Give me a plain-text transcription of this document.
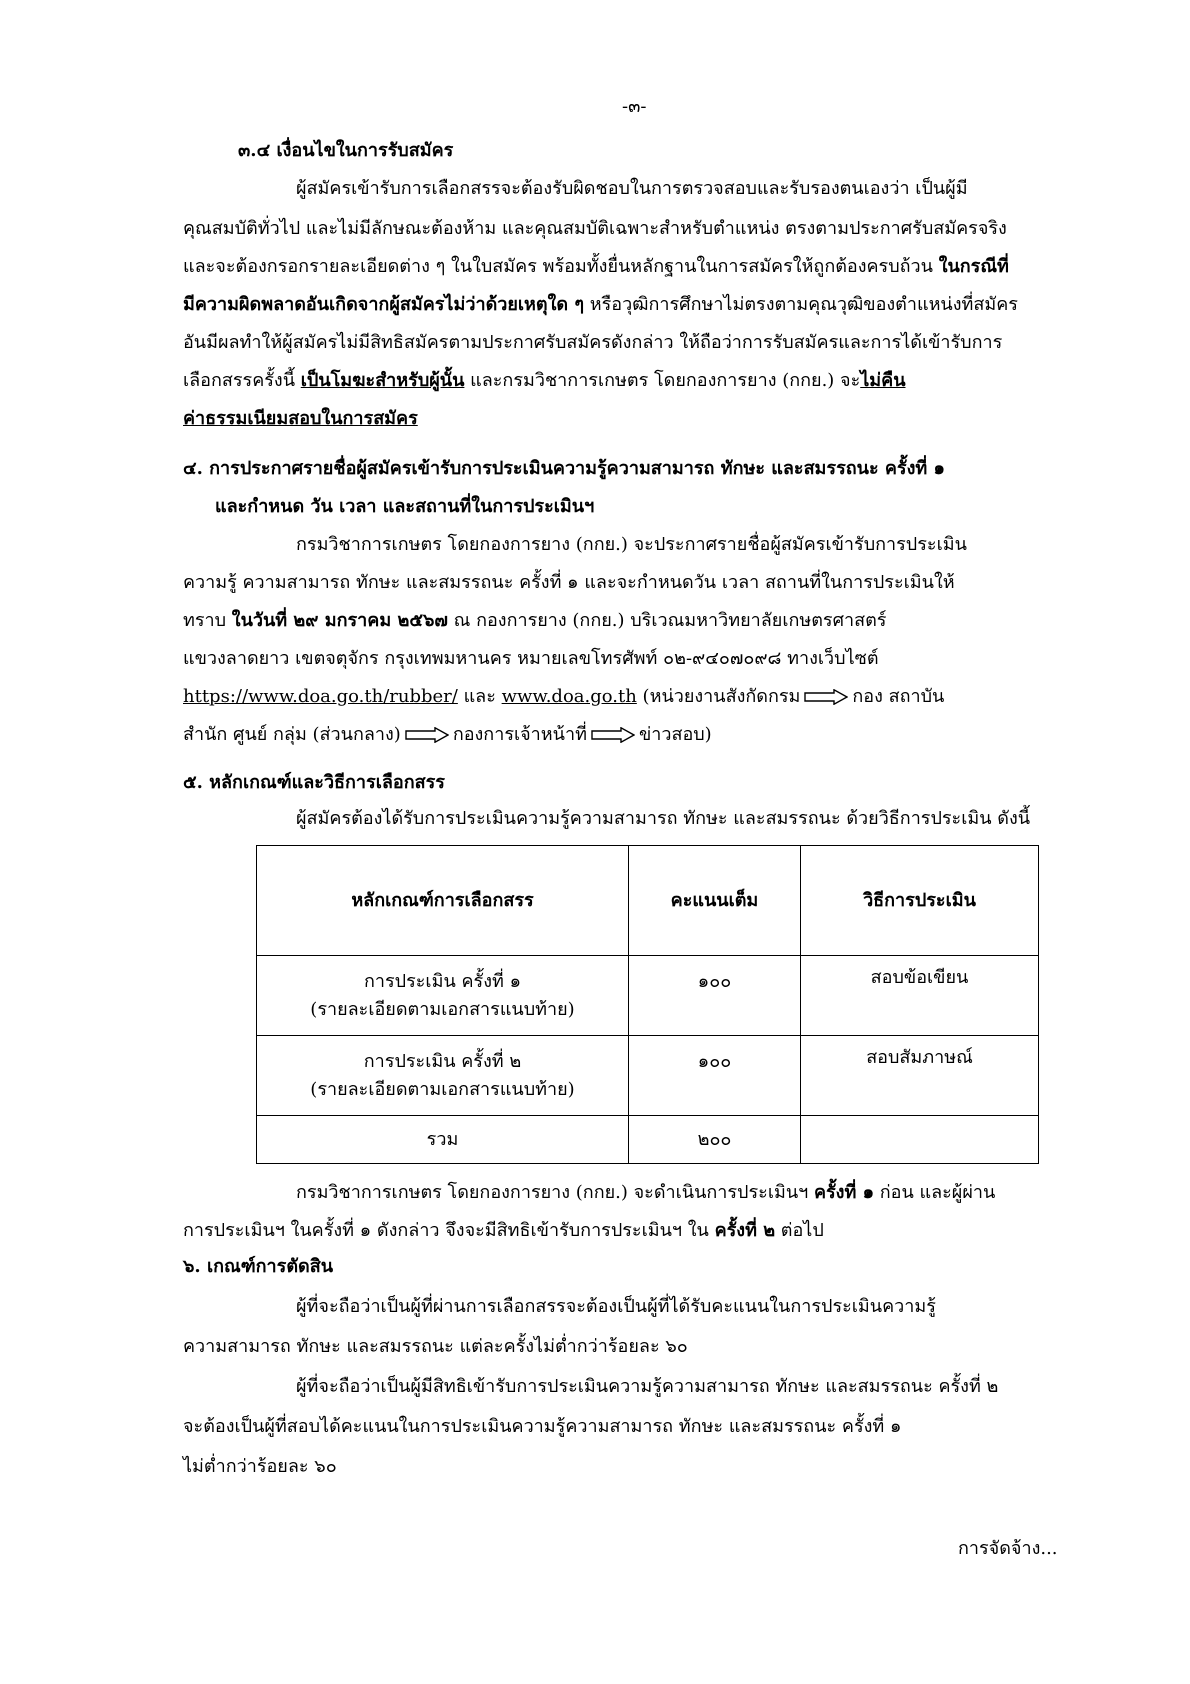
-๓-
๓.๔ เงื่อนไขในการรับสมัคร
ผู้สมัครเข้ารับการเลือกสรรจะต้องรับผิดชอบในการตรวจสอบและรับรองตนเองว่า เป็นผู้มี
คุณสมบัติทั่วไป และไม่มีลักษณะต้องห้าม และคุณสมบัติเฉพาะสำหรับตำแหน่ง ตรงตามประกาศรับสมัครจริง
และจะต้องกรอกรายละเอียดต่าง ๆ ในใบสมัคร พร้อมทั้งยื่นหลักฐานในการสมัครให้ถูกต้องครบถ้วน ในกรณีที่
มีความผิดพลาดอันเกิดจากผู้สมัครไม่ว่าด้วยเหตุใด ๆ หรือวุฒิการศึกษาไม่ตรงตามคุณวุฒิของตำแหน่งที่สมัคร
อันมีผลทำให้ผู้สมัครไม่มีสิทธิสมัครตามประกาศรับสมัครดังกล่าว ให้ถือว่าการรับสมัครและการได้เข้ารับการ
เลือกสรรครั้งนี้ เป็นโมฆะสำหรับผู้นั้น และกรมวิชาการเกษตร โดยกองการยาง (กกย.) จะไม่คืน
ค่าธรรมเนียมสอบในการสมัคร
๔. การประกาศรายชื่อผู้สมัครเข้ารับการประเมินความรู้ความสามารถ ทักษะ และสมรรถนะ ครั้งที่ ๑
และกำหนด วัน เวลา และสถานที่ในการประเมินฯ
กรมวิชาการเกษตร โดยกองการยาง (กกย.) จะประกาศรายชื่อผู้สมัครเข้ารับการประเมิน
ความรู้ ความสามารถ ทักษะ และสมรรถนะ ครั้งที่ ๑ และจะกำหนดวัน เวลา สถานที่ในการประเมินให้
ทราบ ในวันที่ ๒๙ มกราคม ๒๕๖๗ ณ กองการยาง (กกย.) บริเวณมหาวิทยาลัยเกษตรศาสตร์
แขวงลาดยาว เขตจตุจักร กรุงเทพมหานคร หมายเลขโทรศัพท์ ๐๒-๙๔๐๗๐๙๘ ทางเว็บไซต์
https://www.doa.go.th/rubber/ และ www.doa.go.th (หน่วยงานสังกัดกรม	กอง สถาบัน
สำนัก ศูนย์ กลุ่ม (ส่วนกลาง)	กองการเจ้าหน้าที่	ข่าวสอบ)
๕. หลักเกณฑ์และวิธีการเลือกสรร
ผู้สมัครต้องได้รับการประเมินความรู้ความสามารถ ทักษะ และสมรรถนะ ด้วยวิธีการประเมิน ดังนี้
หลักเกณฑ์การเลือกสรร	คะแนนเต็ม	วิธีการประเมิน

การประเมิน ครั้งที่ ๑
(รายละเอียดตามเอกสารแนบท้าย)	๑๐๐	สอบข้อเขียน

การประเมิน ครั้งที่ ๒
(รายละเอียดตามเอกสารแนบท้าย)	๑๐๐	สอบสัมภาษณ์
รวม	๒๐๐	
กรมวิชาการเกษตร โดยกองการยาง (กกย.) จะดำเนินการประเมินฯ ครั้งที่ ๑ ก่อน และผู้ผ่าน
การประเมินฯ ในครั้งที่ ๑ ดังกล่าว จึงจะมีสิทธิเข้ารับการประเมินฯ ใน ครั้งที่ ๒ ต่อไป
๖. เกณฑ์การตัดสิน
ผู้ที่จะถือว่าเป็นผู้ที่ผ่านการเลือกสรรจะต้องเป็นผู้ที่ได้รับคะแนนในการประเมินความรู้
ความสามารถ ทักษะ และสมรรถนะ แต่ละครั้งไม่ต่ำกว่าร้อยละ ๖๐
ผู้ที่จะถือว่าเป็นผู้มีสิทธิเข้ารับการประเมินความรู้ความสามารถ ทักษะ และสมรรถนะ ครั้งที่ ๒
จะต้องเป็นผู้ที่สอบได้คะแนนในการประเมินความรู้ความสามารถ ทักษะ และสมรรถนะ ครั้งที่ ๑
ไม่ต่ำกว่าร้อยละ ๖๐
การจัดจ้าง...
